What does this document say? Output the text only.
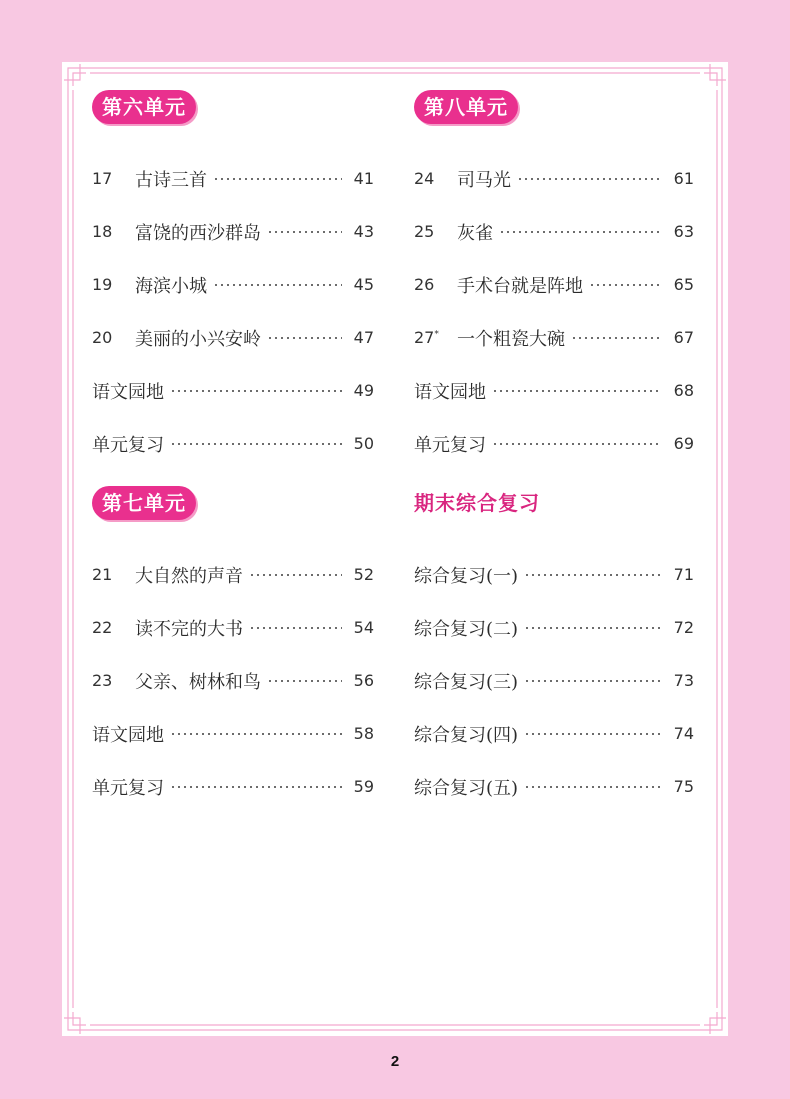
第六单元
17	古诗三首	41
18	富饶的西沙群岛	43
19	海滨小城	45
20	美丽的小兴安岭	47
语文园地	49
单元复习	50
第七单元
21	大自然的声音	52
22	读不完的大书	54
23	父亲、树林和鸟	56
语文园地	58
单元复习	59
第八单元
24	司马光	61
25	灰雀	63
26	手术台就是阵地	65
27*	一个粗瓷大碗	67
语文园地	68
单元复习	69
期末综合复习
综合复习(一)	71
综合复习(二)	72
综合复习(三)	73
综合复习(四)	74
综合复习(五)	75
2
